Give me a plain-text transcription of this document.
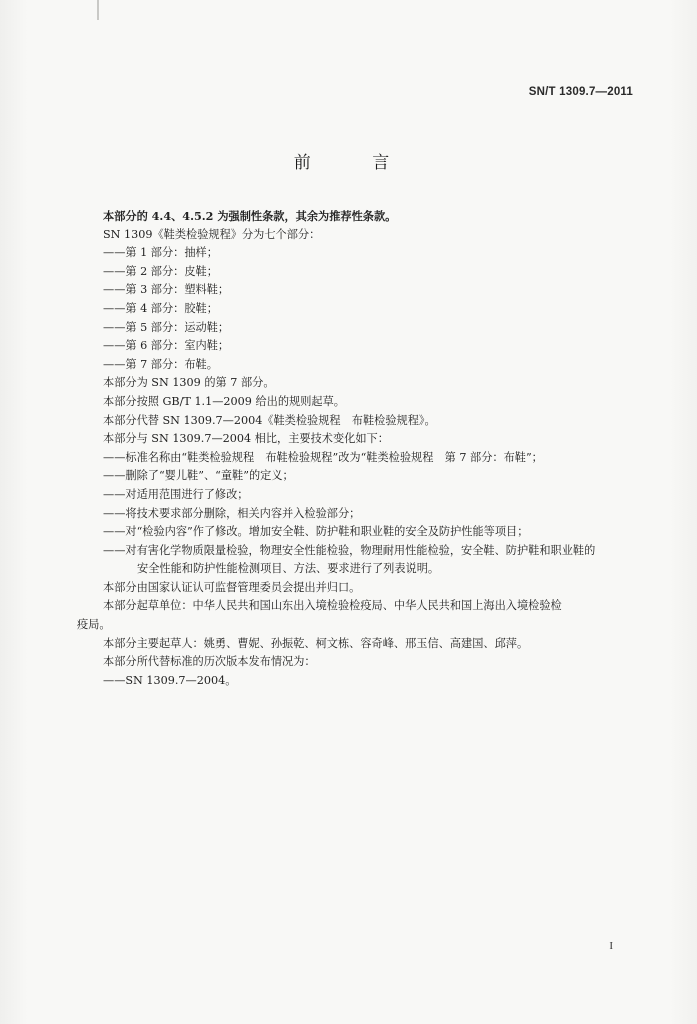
SN/T 1309.7—2011
前 言
本部分的 4.4、4.5.2 为强制性条款，其余为推荐性条款。
SN 1309《鞋类检验规程》分为七个部分：
——第 1 部分：抽样；
——第 2 部分：皮鞋；
——第 3 部分：塑料鞋；
——第 4 部分：胶鞋；
——第 5 部分：运动鞋；
——第 6 部分：室内鞋；
——第 7 部分：布鞋。
本部分为 SN 1309 的第 7 部分。
本部分按照 GB/T 1.1—2009 给出的规则起草。
本部分代替 SN 1309.7—2004《鞋类检验规程　布鞋检验规程》。
本部分与 SN 1309.7—2004 相比，主要技术变化如下：
——标准名称由“鞋类检验规程　布鞋检验规程”改为“鞋类检验规程　第 7 部分：布鞋”；
——删除了“婴儿鞋”、“童鞋”的定义；
——对适用范围进行了修改；
——将技术要求部分删除，相关内容并入检验部分；
——对“检验内容”作了修改。增加安全鞋、防护鞋和职业鞋的安全及防护性能等项目；
——对有害化学物质限量检验，物理安全性能检验，物理耐用性能检验，安全鞋、防护鞋和职业鞋的
安全性能和防护性能检测项目、方法、要求进行了列表说明。
本部分由国家认证认可监督管理委员会提出并归口。
本部分起草单位：中华人民共和国山东出入境检验检疫局、中华人民共和国上海出入境检验检
疫局。
本部分主要起草人：姚勇、曹妮、孙振乾、柯文栋、容奇峰、邢玉信、高建国、邱萍。
本部分所代替标准的历次版本发布情况为：
——SN 1309.7—2004。
I
